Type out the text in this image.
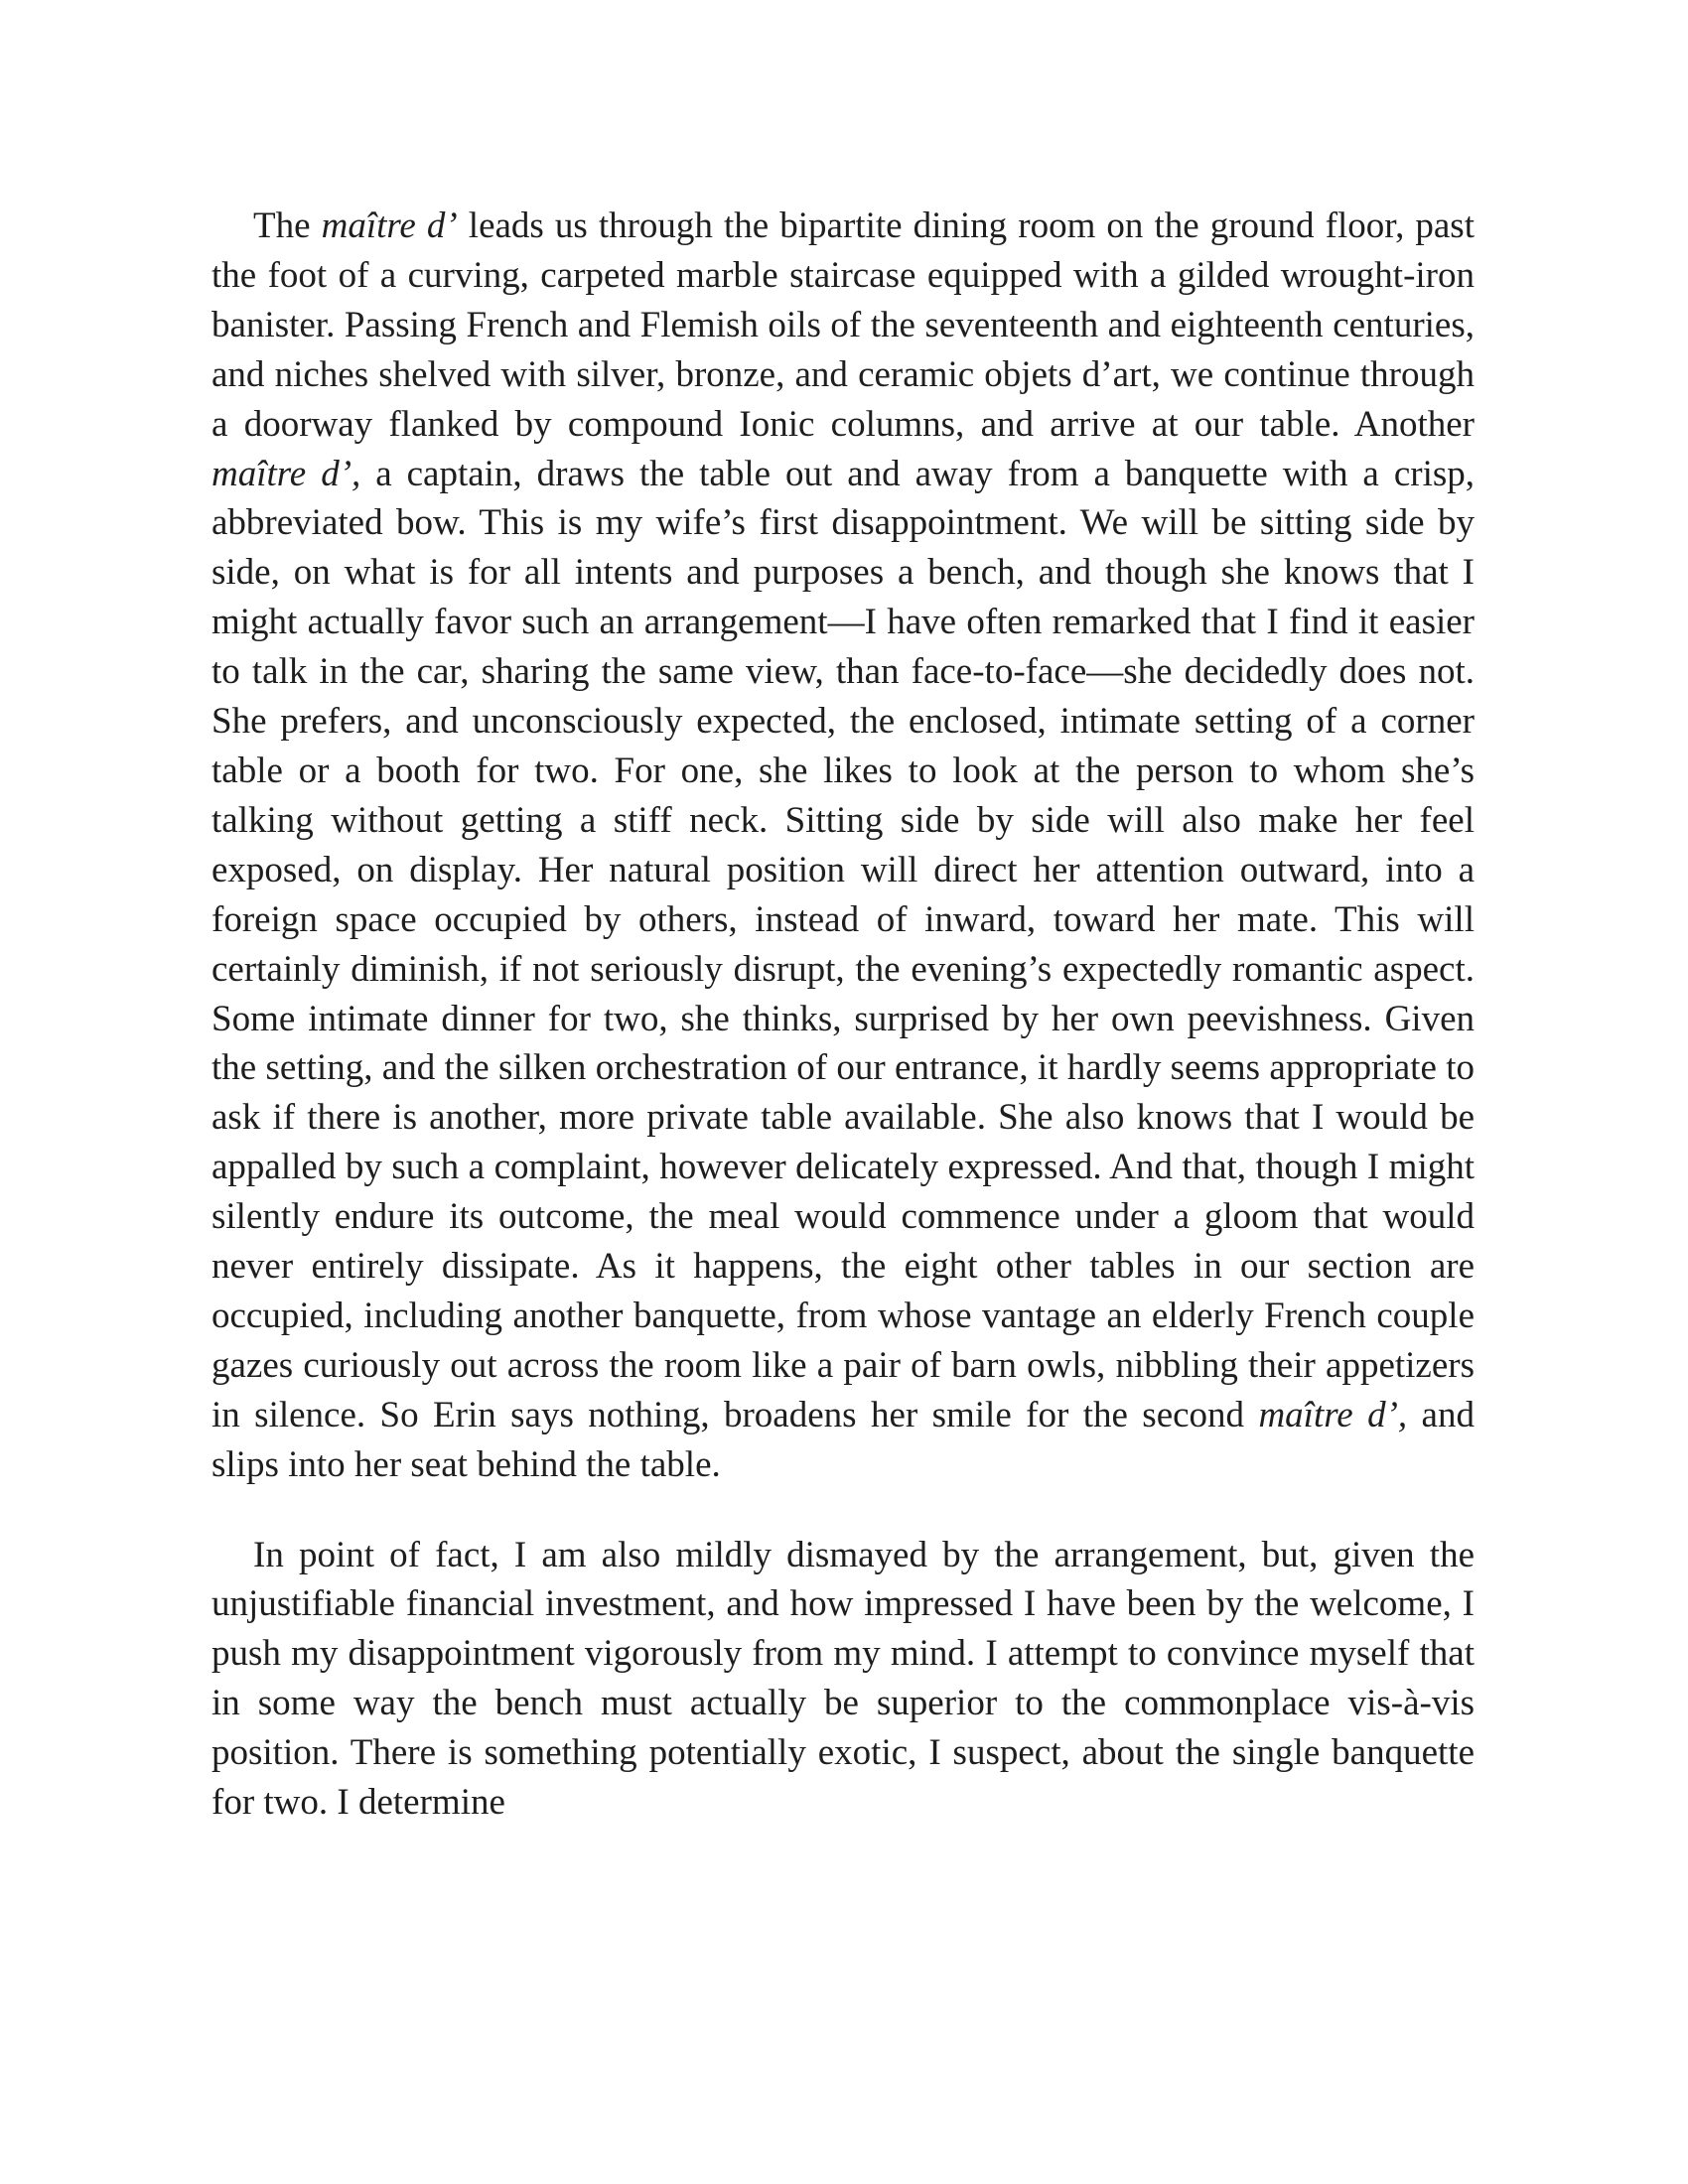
The maître d’ leads us through the bipartite dining room on the ground floor, past the foot of a curving, carpeted marble staircase equipped with a gilded wrought-iron banister. Passing French and Flemish oils of the seventeenth and eighteenth centuries, and niches shelved with silver, bronze, and ceramic objets d’art, we continue through a doorway flanked by compound Ionic columns, and arrive at our table. Another maître d’, a captain, draws the table out and away from a banquette with a crisp, abbreviated bow. This is my wife’s first disappointment. We will be sitting side by side, on what is for all intents and purposes a bench, and though she knows that I might actually favor such an arrangement—I have often remarked that I find it easier to talk in the car, sharing the same view, than face-to-face—she decidedly does not. She prefers, and unconsciously expected, the enclosed, intimate setting of a corner table or a booth for two. For one, she likes to look at the person to whom she’s talking without getting a stiff neck. Sitting side by side will also make her feel exposed, on display. Her natural position will direct her attention outward, into a foreign space occupied by others, instead of inward, toward her mate. This will certainly diminish, if not seriously disrupt, the evening’s expectedly romantic aspect. Some intimate dinner for two, she thinks, surprised by her own peevishness. Given the setting, and the silken orchestration of our entrance, it hardly seems appropriate to ask if there is another, more private table available. She also knows that I would be appalled by such a complaint, however delicately expressed. And that, though I might silently endure its outcome, the meal would commence under a gloom that would never entirely dissipate. As it happens, the eight other tables in our section are occupied, including another banquette, from whose vantage an elderly French couple gazes curiously out across the room like a pair of barn owls, nibbling their appetizers in silence. So Erin says nothing, broadens her smile for the second maître d’, and slips into her seat behind the table.

In point of fact, I am also mildly dismayed by the arrangement, but, given the unjustifiable financial investment, and how impressed I have been by the welcome, I push my disappointment vigorously from my mind. I attempt to convince myself that in some way the bench must actually be superior to the commonplace vis-à-vis position. There is something potentially exotic, I suspect, about the single banquette for two. I determine
